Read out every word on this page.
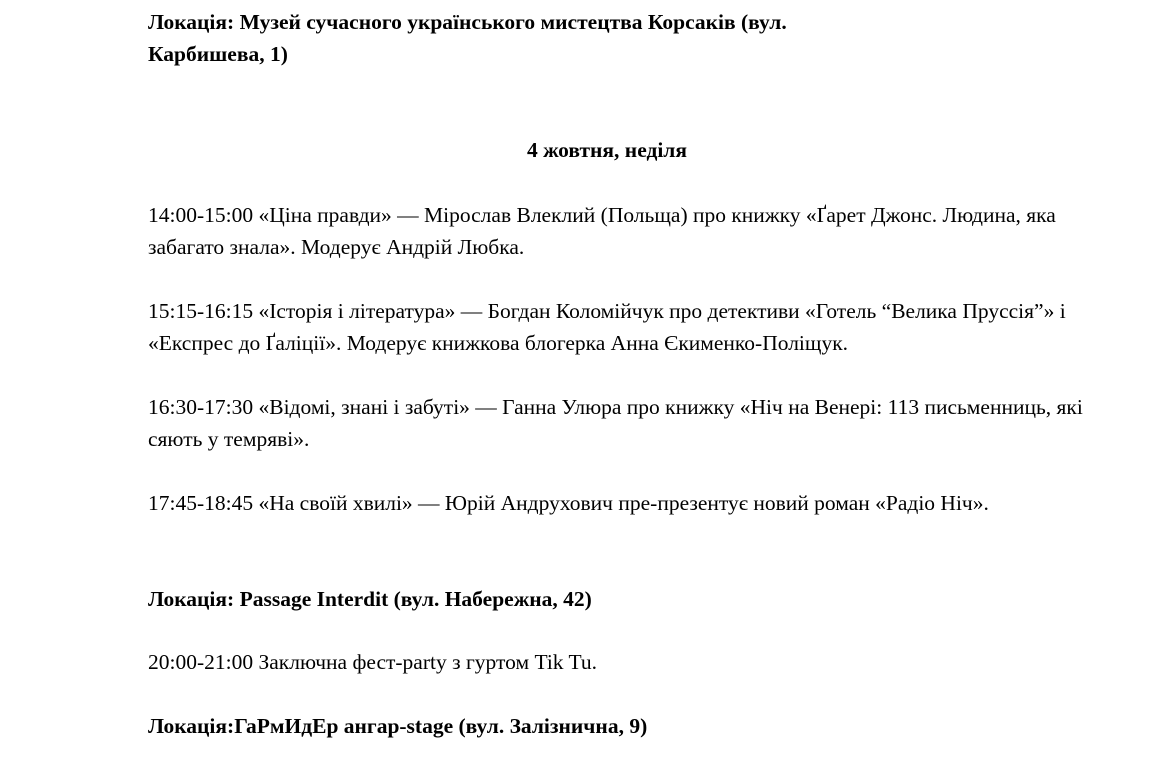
Локація: Музей сучасного українського мистецтва Корсаків (вул. Карбишева, 1)

4 жовтня, неділя

14:00-15:00 «Ціна правди» — Мірослав Влеклий (Польща) про книжку «Ґарет Джонс. Людина, яка забагато знала». Модерує Андрій Любка.

15:15-16:15 «Історія і література» — Богдан Коломійчук про детективи «Готель “Велика Пруссія”» і «Експрес до Ґаліції». Модерує книжкова блогерка Анна Єкименко-Поліщук.

16:30-17:30 «Відомі, знані і забуті» — Ганна Улюра про книжку «Ніч на Венері: 113 письменниць, які сяють у темряві».

17:45-18:45 «На своїй хвилі» — Юрій Андрухович пре-презентує новий роман «Радіо Ніч».

Локація: Passage Interdit (вул. Набережна, 42)

20:00-21:00 Заключна фест-party з гуртом Tik Tu.

Локація:ГаРмИдЕр ангар-stage (вул. Залізнична, 9)
